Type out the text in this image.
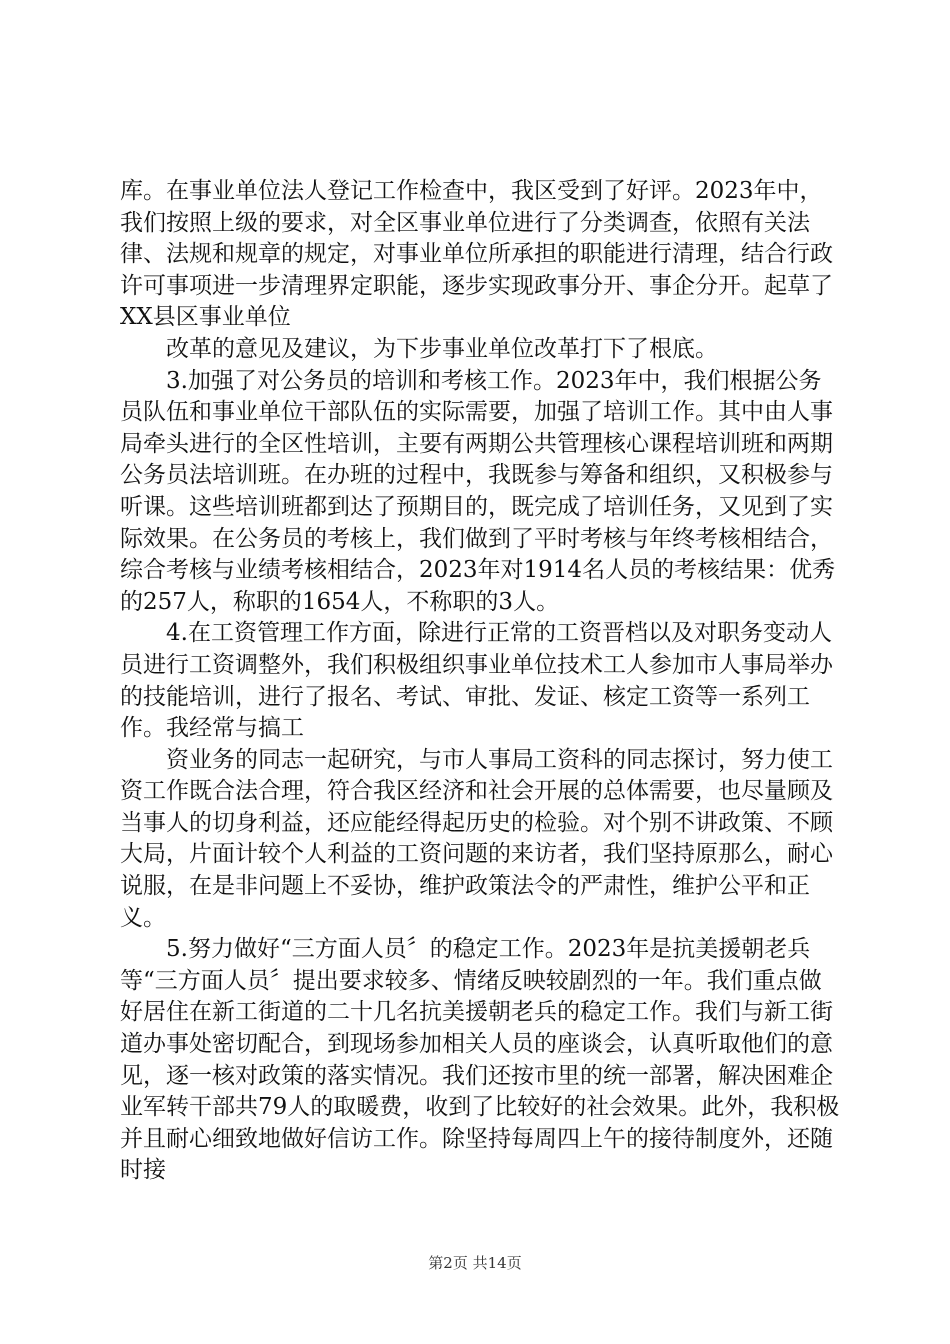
库。在事业单位法人登记工作检查中，我区受到了好评。2023年中，我们按照上级的要求，对全区事业单位进行了分类调查，依照有关法律、法规和规章的规定，对事业单位所承担的职能进行清理，结合行政许可事项进一步清理界定职能，逐步实现政事分开、事企分开。起草了XX县区事业单位

改革的意见及建议，为下步事业单位改革打下了根底。

3.加强了对公务员的培训和考核工作。2023年中，我们根据公务员队伍和事业单位干部队伍的实际需要，加强了培训工作。其中由人事局牵头进行的全区性培训，主要有两期公共管理核心课程培训班和两期公务员法培训班。在办班的过程中，我既参与筹备和组织，又积极参与听课。这些培训班都到达了预期目的，既完成了培训任务，又见到了实际效果。在公务员的考核上，我们做到了平时考核与年终考核相结合，综合考核与业绩考核相结合，2023年对1914名人员的考核结果：优秀的257人，称职的1654人，不称职的3人。

4.在工资管理工作方面，除进行正常的工资晋档以及对职务变动人员进行工资调整外，我们积极组织事业单位技术工人参加市人事局举办的技能培训，进行了报名、考试、审批、发证、核定工资等一系列工作。我经常与搞工

资业务的同志一起研究，与市人事局工资科的同志探讨，努力使工资工作既合法合理，符合我区经济和社会开展的总体需要，也尽量顾及当事人的切身利益，还应能经得起历史的检验。对个别不讲政策、不顾大局，片面计较个人利益的工资问题的来访者，我们坚持原那么，耐心说服，在是非问题上不妥协，维护政策法令的严肃性，维护公平和正义。

5.努力做好“三方面人员〞的稳定工作。2023年是抗美援朝老兵等“三方面人员〞提出要求较多、情绪反映较剧烈的一年。我们重点做好居住在新工街道的二十几名抗美援朝老兵的稳定工作。我们与新工街道办事处密切配合，到现场参加相关人员的座谈会，认真听取他们的意见，逐一核对政策的落实情况。我们还按市里的统一部署，解决困难企业军转干部共79人的取暖费，收到了比较好的社会效果。此外，我积极并且耐心细致地做好信访工作。除坚持每周四上午的接待制度外，还随时接

第2页 共14页
